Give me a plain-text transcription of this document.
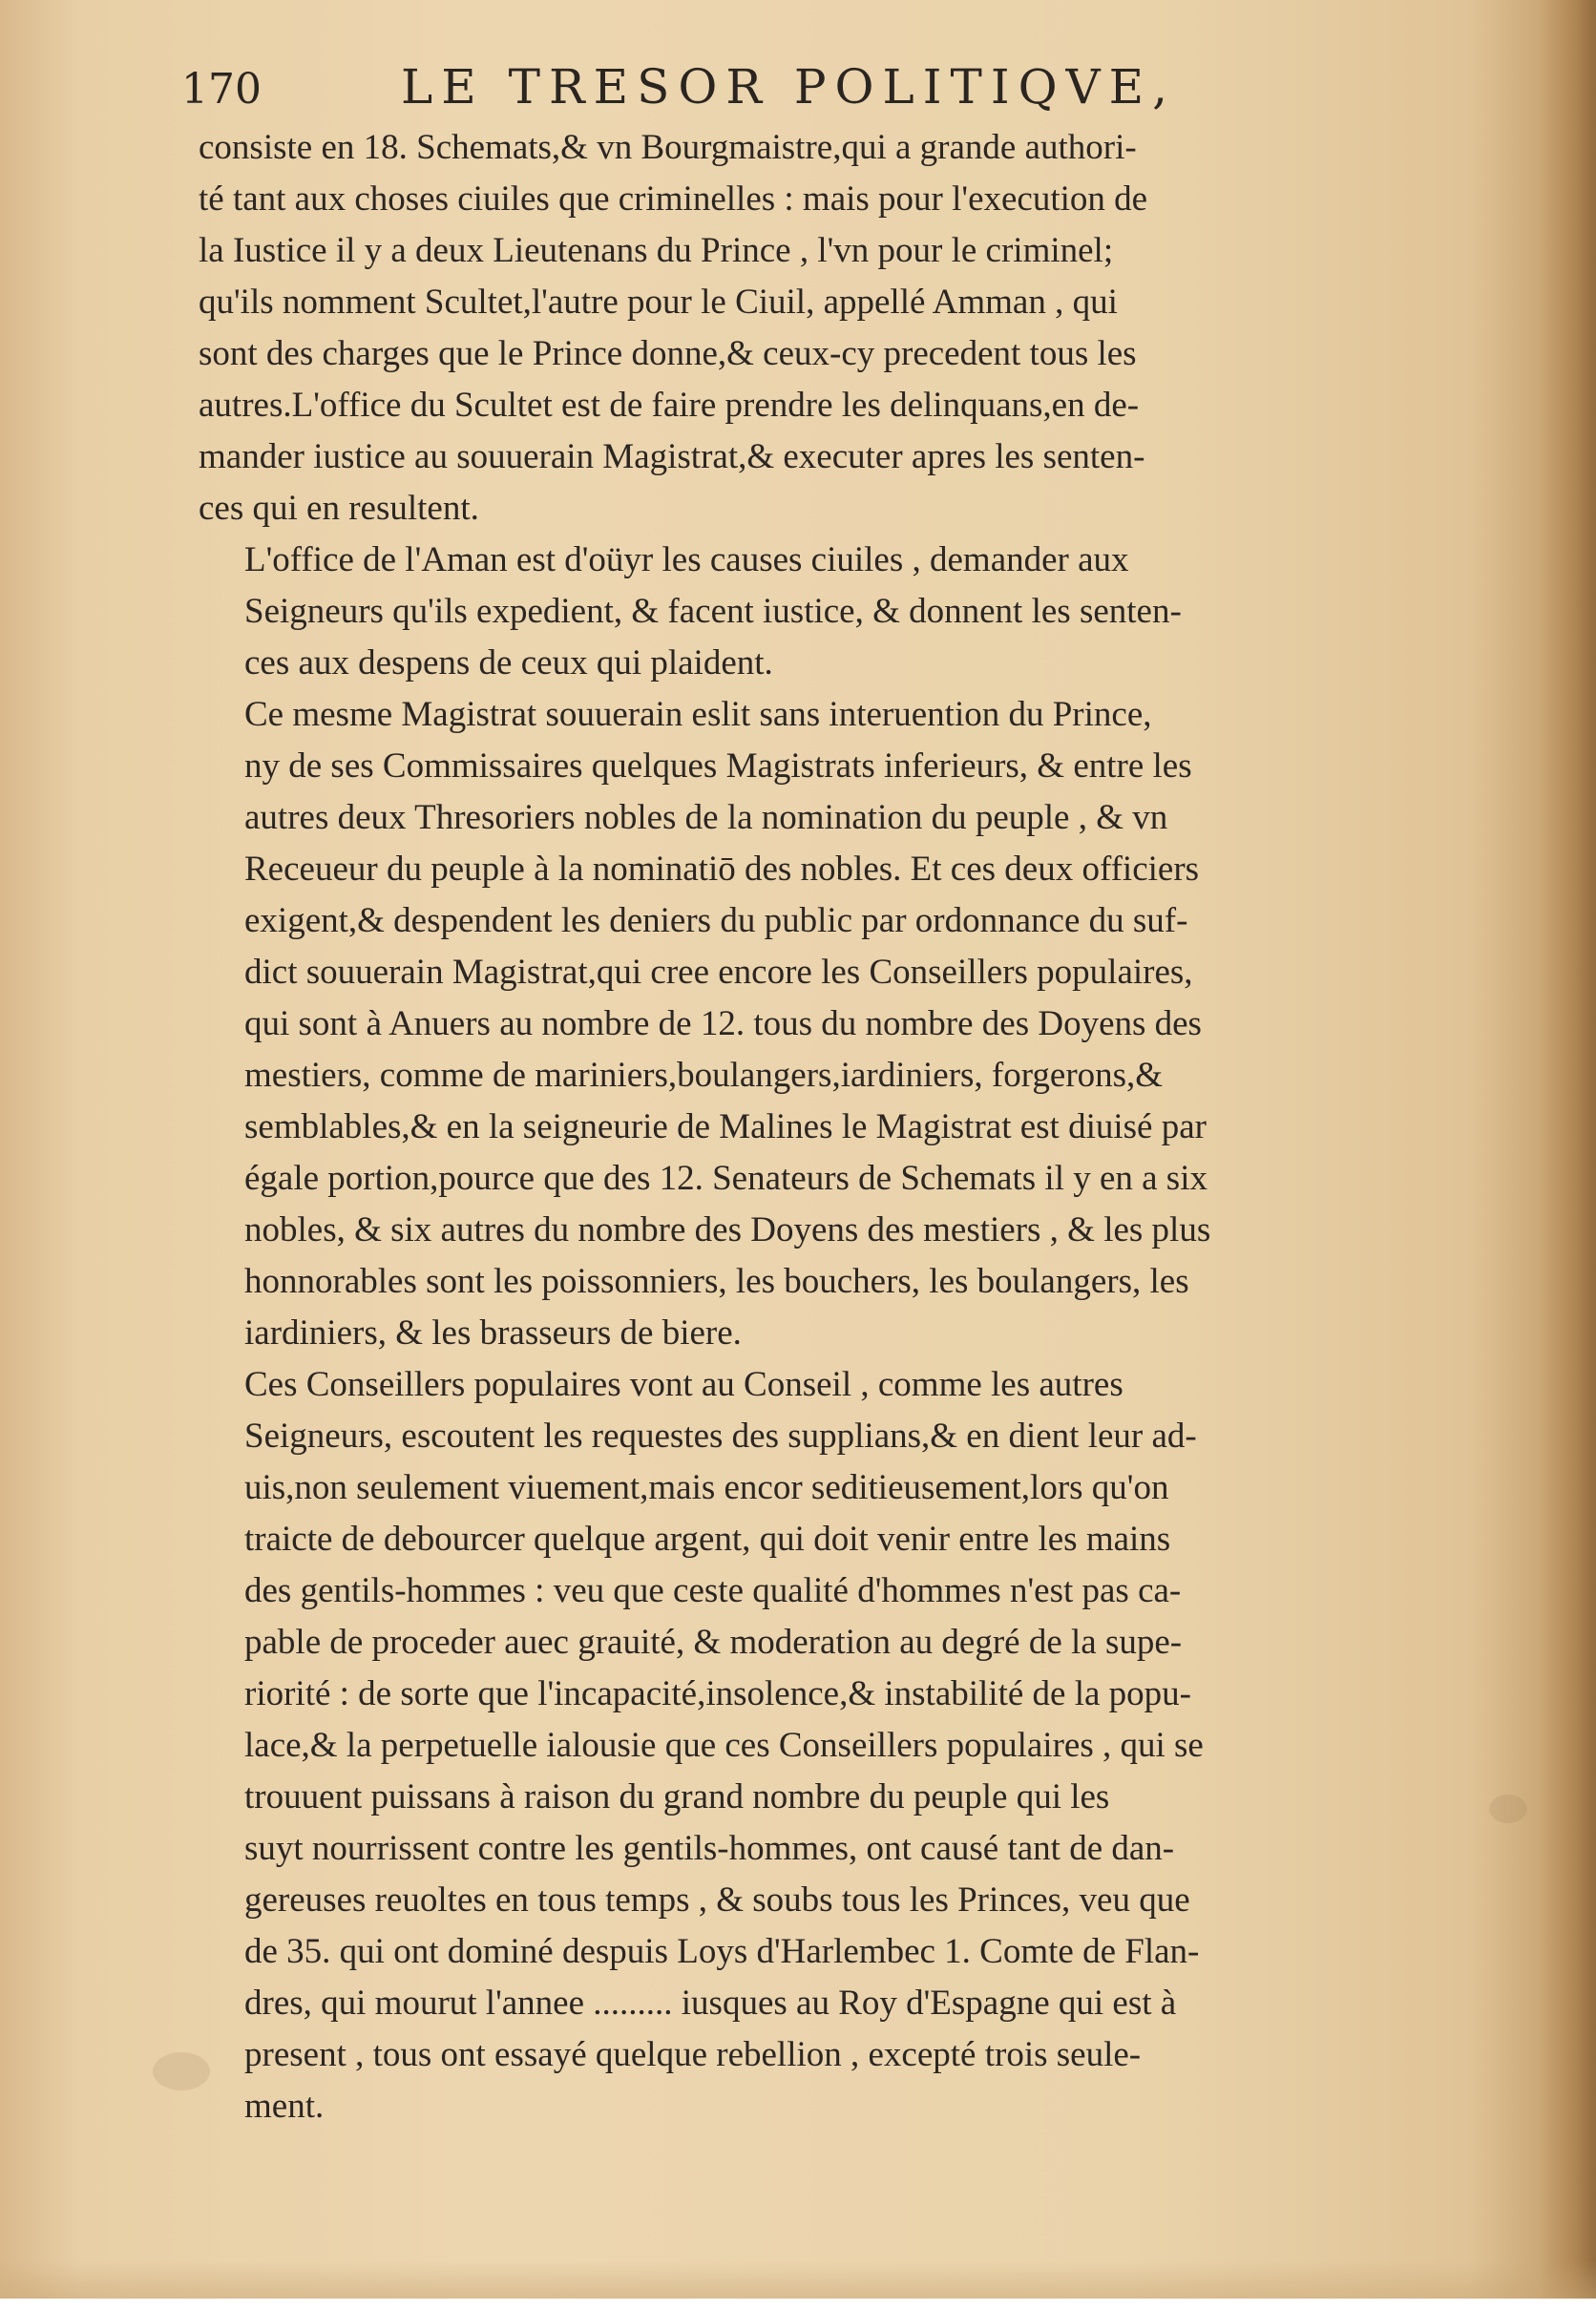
170	LE TRESOR POLITIQVE,

consiste en 18. Schemats,& vn Bourgmaistre,qui a grande authori-
té tant aux choses ciuiles que criminelles : mais pour l'execution de
la Iustice il y a deux Lieutenans du Prince , l'vn pour le criminel;
qu'ils nomment Scultet,l'autre pour le Ciuil, appellé Amman , qui
sont des charges que le Prince donne,& ceux-cy precedent tous les
autres.L'office du Scultet est de faire prendre les delinquans,en de-
mander iustice au souuerain Magistrat,& executer apres les senten-
ces qui en resultent.

L'office de l'Aman est d'oüyr les causes ciuiles , demander aux
Seigneurs qu'ils expedient, & facent iustice, & donnent les senten-
ces aux despens de ceux qui plaident.

Ce mesme Magistrat souuerain eslit sans interuention du Prince,
ny de ses Commissaires quelques Magistrats inferieurs, & entre les
autres deux Thresoriers nobles de la nomination du peuple , & vn
Receueur du peuple à la nominatiō des nobles. Et ces deux officiers
exigent,& despendent les deniers du public par ordonnance du suf-
dict souuerain Magistrat,qui cree encore les Conseillers populaires,
qui sont à Anuers au nombre de 12. tous du nombre des Doyens des
mestiers, comme de mariniers,boulangers,iardiniers, forgerons,&
semblables,& en la seigneurie de Malines le Magistrat est diuisé par
égale portion,pource que des 12. Senateurs de Schemats il y en a six
nobles, & six autres du nombre des Doyens des mestiers , & les plus
honnorables sont les poissonniers, les bouchers, les boulangers, les
iardiniers, & les brasseurs de biere.

Ces Conseillers populaires vont au Conseil , comme les autres
Seigneurs, escoutent les requestes des supplians,& en dient leur ad-
uis,non seulement viuement,mais encor seditieusement,lors qu'on
traicte de debourcer quelque argent, qui doit venir entre les mains
des gentils-hommes : veu que ceste qualité d'hommes n'est pas ca-
pable de proceder auec grauité, & moderation au degré de la supe-
riorité : de sorte que l'incapacité,insolence,& instabilité de la popu-
lace,& la perpetuelle ialousie que ces Conseillers populaires , qui se
trouuent puissans à raison du grand nombre du peuple qui les
suyt nourrissent contre les gentils-hommes, ont causé tant de dan-
gereuses reuoltes en tous temps , & soubs tous les Princes, veu que
de 35. qui ont dominé despuis Loys d'Harlembec 1. Comte de Flan-
dres, qui mourut l'annee ......... iusques au Roy d'Espagne qui est à
present , tous ont essayé quelque rebellion , excepté trois seule-
ment.
